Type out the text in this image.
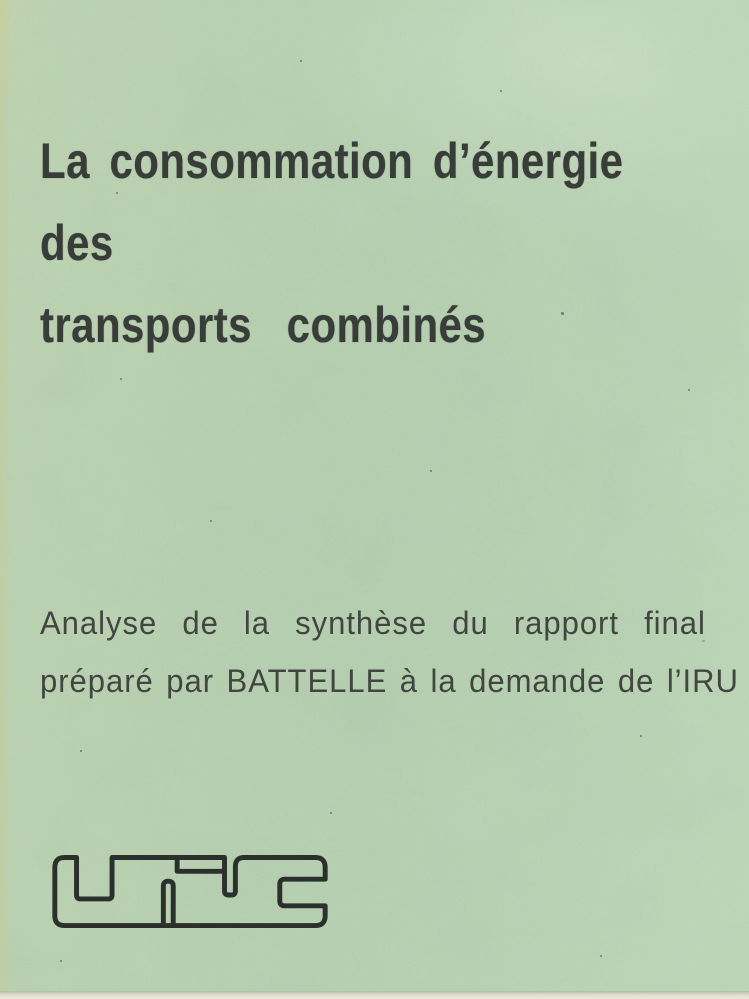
La consommation d’énergie
des
transports combinés
Analyse de la synthèse du rapport final
préparé par BATTELLE à la demande de l’IRU
